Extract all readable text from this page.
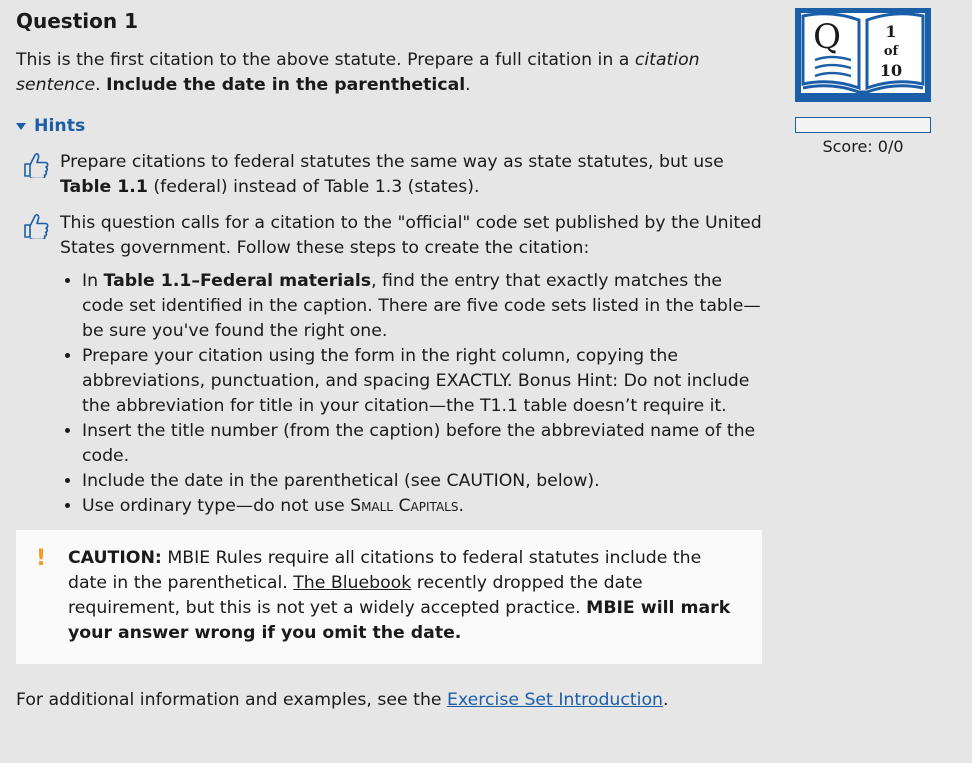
Question 1

This is the first citation to the above statute. Prepare a full citation in a citation sentence. Include the date in the parenthetical.

Hints
Prepare citations to federal statutes the same way as state statutes, but use Table 1.1 (federal) instead of Table 1.3 (states).
This question calls for a citation to the "official" code set published by the United States government. Follow these steps to create the citation:
• In Table 1.1–Federal materials, find the entry that exactly matches the code set identified in the caption. There are five code sets listed in the table—be sure you've found the right one.
• Prepare your citation using the form in the right column, copying the abbreviations, punctuation, and spacing EXACTLY. Bonus Hint: Do not include the abbreviation for title in your citation—the T1.1 table doesn’t require it.
• Insert the title number (from the caption) before the abbreviated name of the code.
• Include the date in the parenthetical (see CAUTION, below).
• Use ordinary type—do not use Small Capitals.
!	CAUTION: MBIE Rules require all citations to federal statutes include the date in the parenthetical. The Bluebook recently dropped the date requirement, but this is not yet a widely accepted practice. MBIE will mark your answer wrong if you omit the date.
For additional information and examples, see the Exercise Set Introduction.
Q	1
of
10
Score: 0/0
